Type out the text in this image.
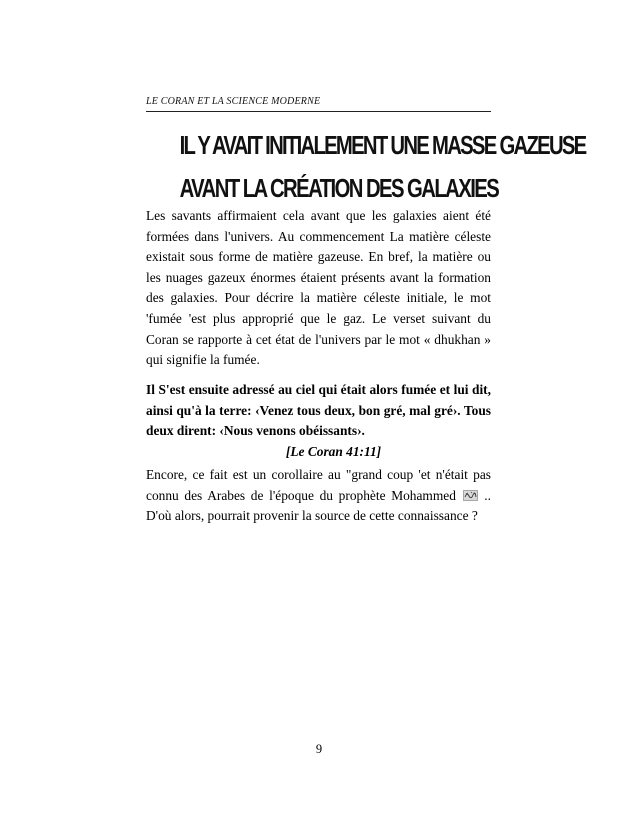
LE CORAN ET LA SCIENCE MODERNE
IL Y AVAIT INITIALEMENT UNE MASSE GAZEUSE
AVANT LA CRÉATION DES GALAXIES
Les savants affirmaient cela avant que les galaxies aient été formées dans l'univers. Au commencement La matière céleste existait sous forme de matière gazeuse. En bref, la matière ou les nuages gazeux énormes étaient présents avant la formation des galaxies. Pour décrire la matière céleste initiale, le mot 'fumée 'est plus approprié que le gaz. Le verset suivant du Coran se rapporte à cet état de l'univers par le mot « dhukhan » qui signifie la fumée.
Il S'est ensuite adressé au ciel qui était alors fumée et lui dit, ainsi qu'à la terre: ‹Venez tous deux, bon gré, mal gré›. Tous deux dirent: ‹Nous venons obéissants›.
[Le Coran 41:11]
Encore, ce fait est un corollaire au "grand coup 'et n'était pas connu des Arabes de l'époque du prophète Mohammed .. D'où alors, pourrait provenir la source de cette connaissance ?
9
